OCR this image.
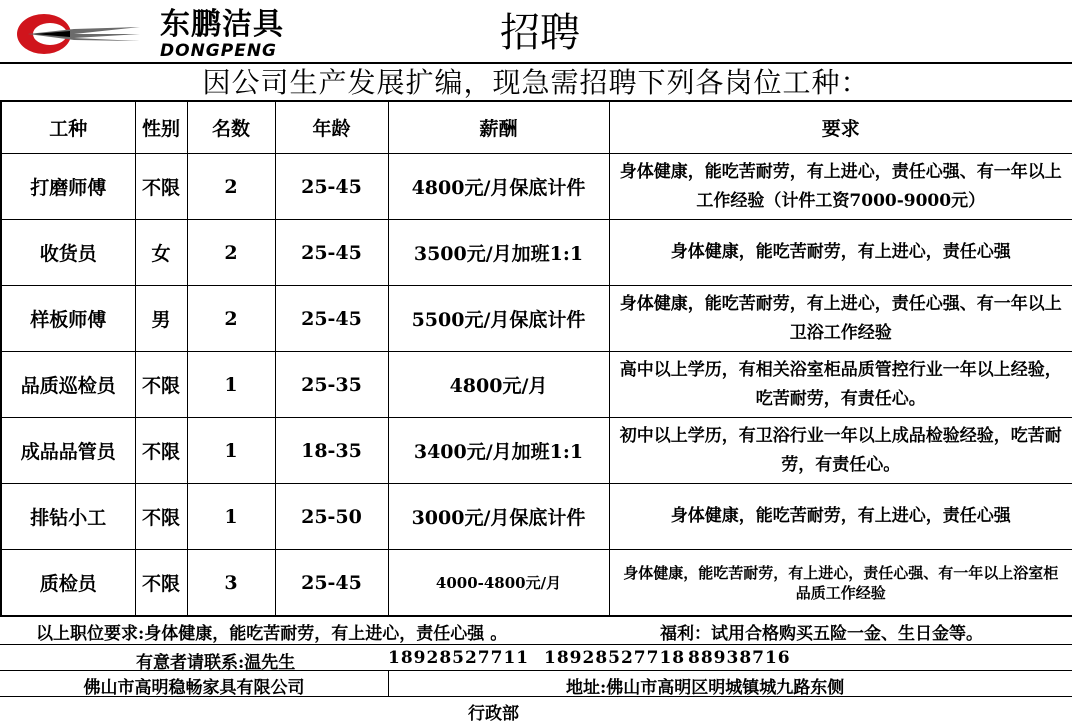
东鹏洁具
DONGPENG	招聘
因公司生产发展扩编，现急需招聘下列各岗位工种：
工种	性别	名数	年龄	薪酬	要求
打磨师傅	不限	2	25-45	4800元/月保底计件	身体健康，能吃苦耐劳，有上进心，责任心强、有一年以上工作经验（计件工资7000-9000元）
收货员	女	2	25-45	3500元/月加班1:1	身体健康，能吃苦耐劳，有上进心，责任心强
样板师傅	男	2	25-45	5500元/月保底计件	身体健康，能吃苦耐劳，有上进心，责任心强、有一年以上卫浴工作经验
品质巡检员	不限	1	25-35	4800元/月	高中以上学历，有相关浴室柜品质管控行业一年以上经验，吃苦耐劳，有责任心。
成品品管员	不限	1	18-35	3400元/月加班1:1	初中以上学历，有卫浴行业一年以上成品检验经验，吃苦耐劳，有责任心。
排钻小工	不限	1	25-50	3000元/月保底计件	身体健康，能吃苦耐劳，有上进心，责任心强
质检员	不限	3	25-45	4000-4800元/月	身体健康，能吃苦耐劳，有上进心，责任心强、有一年以上浴室柜品质工作经验
以上职位要求:身体健康，能吃苦耐劳，有上进心，责任心强 。	福利：试用合格购买五险一金、生日金等。
有意者请联系:温先生	18928527711 18928527718 88938716
佛山市高明稳畅家具有限公司	地址:佛山市高明区明城镇城九路东侧
行政部
